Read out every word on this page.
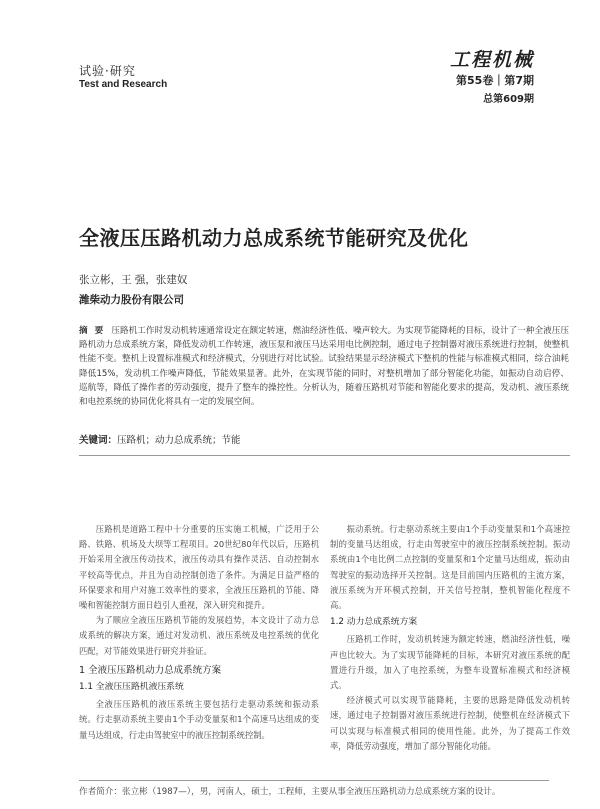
试验·研究
Test and Research
工程机械
第55卷｜第7期
总第609期
全液压压路机动力总成系统节能研究及优化
张立彬，王 强，张建奴
潍柴动力股份有限公司
摘 要 压路机工作时发动机转速通常设定在额定转速，燃油经济性低、噪声较大。为实现节能降耗的目标，设计了一种全液压压路机动力总成系统方案，降低发动机工作转速，液压泵和液压马达采用电比例控制，通过电子控制器对液压系统进行控制，使整机性能不变。整机上设置标准模式和经济模式，分别进行对比试验。试验结果显示经济模式下整机的性能与标准模式相同，综合油耗降低15%，发动机工作噪声降低，节能效果显著。此外，在实现节能的同时，对整机增加了部分智能化功能，如振动自动启停、巡航等，降低了操作者的劳动强度，提升了整车的操控性。分析认为，随着压路机对节能和智能化要求的提高，发动机、液压系统和电控系统的协同优化将具有一定的发展空间。
关键词：压路机；动力总成系统；节能

压路机是道路工程中十分重要的压实施工机械，广泛用于公路、铁路、机场及大坝等工程项目。20世纪80年代以后，压路机开始采用全液压传动技术，液压传动具有操作灵活、自动控制水平较高等优点，并且为自动控制创造了条件。为满足日益严格的环保要求和用户对施工效率性的要求，全液压压路机的节能、降噪和智能控制方面日趋引人重视，深入研究和提升。

为了顺应全液压压路机节能的发展趋势，本文设计了动力总成系统的解决方案，通过对发动机、液压系统及电控系统的优化匹配，对节能效果进行研究并验证。

1 全液压压路机动力总成系统方案
1.1 全液压压路机液压系统

全液压压路机的液压系统主要包括行走驱动系统和振动系统。行走驱动系统主要由1个手动变量泵和1个高速马达组成的变量马达组成，行走由驾驶室中的液压控制系统控制。

振动系统。行走驱动系统主要由1个手动变量泵和1个高速控制的变量马达组成，行走由驾驶室中的液压控制系统控制。振动系统由1个电比例二点控制的变量泵和1个定量马达组成，振动由驾驶室的振动选择开关控制。这是目前国内压路机的主流方案，液压系统为开环模式控制，开关信号控制，整机智能化程度不高。

1.2 动力总成系统方案

压路机工作时，发动机转速为额定转速，燃油经济性低，噪声也比较大。为了实现节能降耗的目标，本研究对液压系统的配置进行升级，加入了电控系统，为整车设置标准模式和经济模式。

经济模式可以实现节能降耗，主要的思路是降低发动机转速，通过电子控制器对液压系统进行控制，使整机在经济模式下可以实现与标准模式相同的使用性能。此外，为了提高工作效率，降低劳动强度，增加了部分智能化功能。

作者简介：张立彬（1987—），男，河南人，硕士，工程师，主要从事全液压压路机动力总成系统方案的设计。
